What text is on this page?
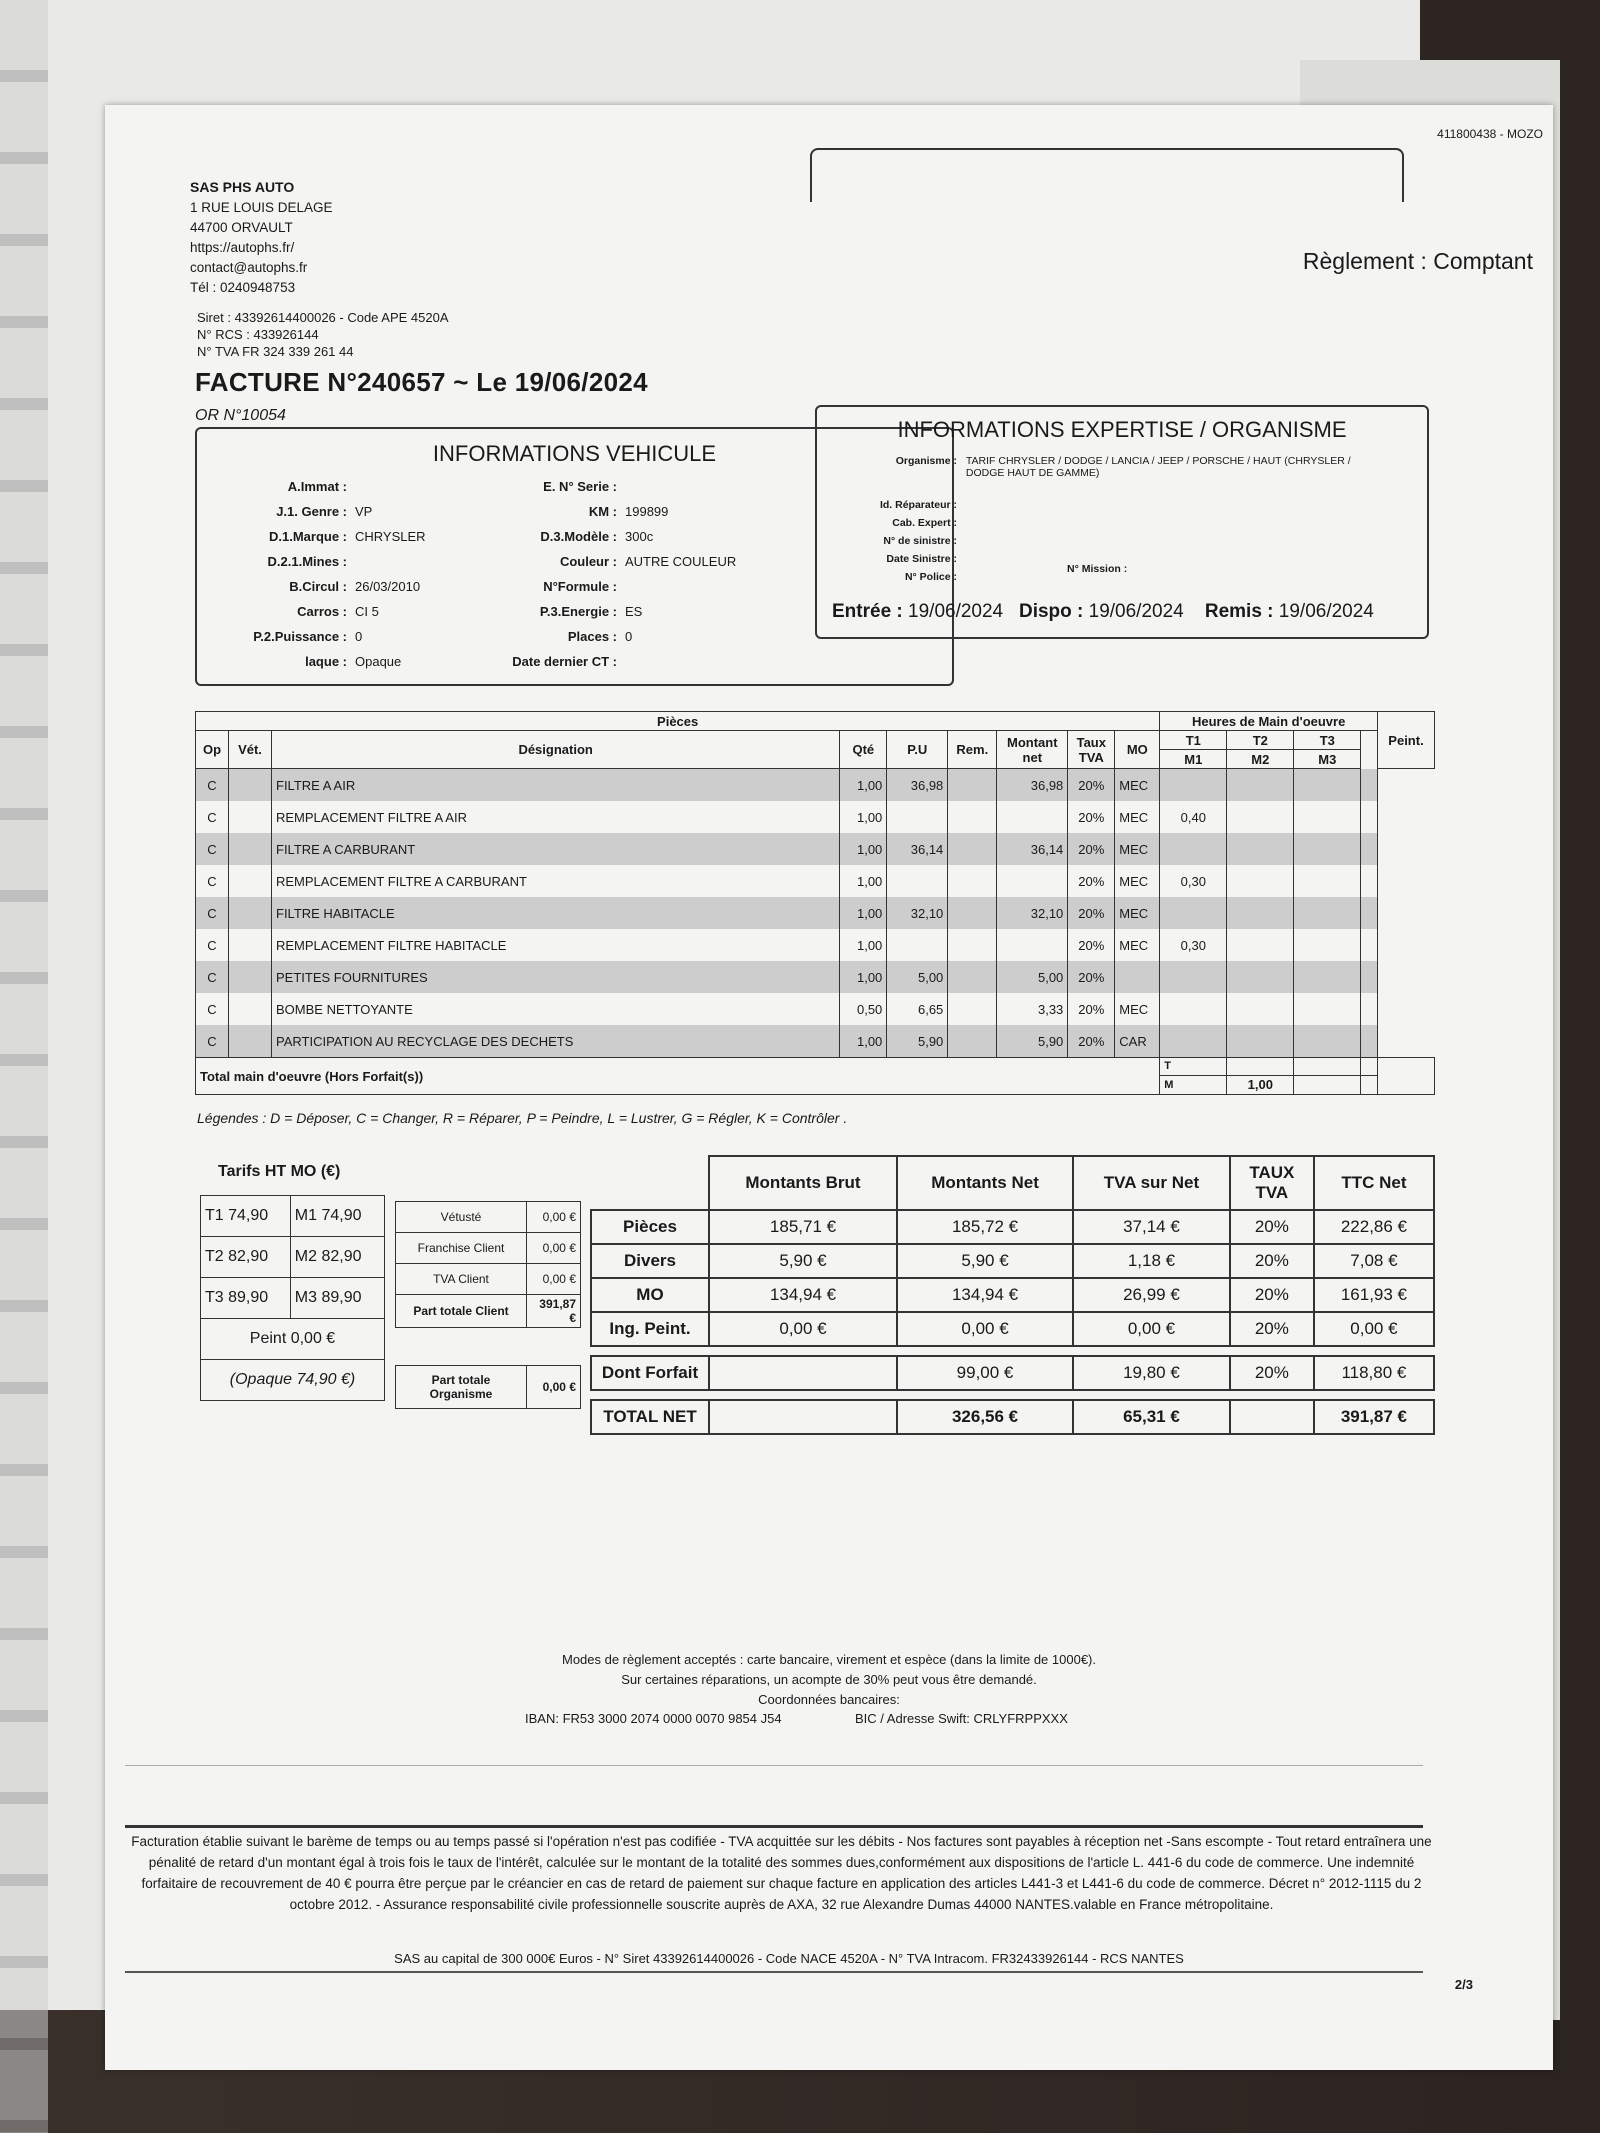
411800438 - MOZO
SAS PHS AUTO
1 RUE LOUIS DELAGE
44700 ORVAULT
https://autophs.fr/
contact@autophs.fr
Tél : 0240948753
Siret : 43392614400026 - Code APE 4520A
N° RCS : 433926144
N° TVA FR 324 339 261 44
Règlement : Comptant
FACTURE N°240657 ~ Le 19/06/2024
OR N°10054
INFORMATIONS VEHICULE
A.Immat :
J.1. Genre : VP
D.1.Marque : CHRYSLER
D.2.1.Mines :
B.Circul : 26/03/2010
Carros : CI 5
P.2.Puissance : 0
laque : Opaque
E. N° Serie :
KM : 199899
D.3.Modèle : 300c
Couleur : AUTRE COULEUR
N°Formule :
P.3.Energie : ES
Places : 0
Date dernier CT :
INFORMATIONS EXPERTISE / ORGANISME
Organisme : TARIF CHRYSLER / DODGE / LANCIA / JEEP / PORSCHE / HAUT (CHRYSLER / DODGE HAUT DE GAMME)
Id. Réparateur :
Cab. Expert :
N° de sinistre :
Date Sinistre :
N° Police :
N° Mission :
Entrée : 19/06/2024 Dispo : 19/06/2024 Remis : 19/06/2024
Pièces									Heures de Main d'oeuvre				Peint.
Op	Vét.	Désignation	Qté	P.U	Rem.	Montant net	Taux TVA	MO	T1	T2	T3		
									M1	M2	M3		
C		FILTRE A AIR	1,00	36,98		36,98	20%	MEC					
C		REMPLACEMENT FILTRE A AIR	1,00				20%	MEC	0,40				
C		FILTRE A CARBURANT	1,00	36,14		36,14	20%	MEC					
C		REMPLACEMENT FILTRE A CARBURANT	1,00				20%	MEC	0,30				
C		FILTRE HABITACLE	1,00	32,10		32,10	20%	MEC					
C		REMPLACEMENT FILTRE HABITACLE	1,00				20%	MEC	0,30				
C		PETITES FOURNITURES	1,00	5,00		5,00	20%						
C		BOMBE NETTOYANTE	0,50	6,65		3,33	20%	MEC					
C		PARTICIPATION AU RECYCLAGE DES DECHETS	1,00	5,90		5,90	20%	CAR					
Total main d'oeuvre (Hors Forfait(s))									T				
									M	1,00			
Légendes : D = Déposer, C = Changer, R = Réparer, P = Peindre, L = Lustrer, G = Régler, K = Contrôler .
Tarifs HT MO (€)
T1 74,90	M1 74,90
T2 82,90	M2 82,90
T3 89,90	M3 89,90
Peint 0,00 €	
(Opaque 74,90 €)	
Vétusté	0,00 €
Franchise Client	0,00 €
TVA Client	0,00 €
Part totale Client	391,87 €
Part totale Organisme	0,00 €
	Montants Brut	Montants Net	TVA sur Net	TAUX TVA	TTC Net
Pièces	185,71 €	185,72 €	37,14 €	20%	222,86 €
Divers	5,90 €	5,90 €	1,18 €	20%	7,08 €
MO	134,94 €	134,94 €	26,99 €	20%	161,93 €
Ing. Peint.	0,00 €	0,00 €	0,00 €	20%	0,00 €

Dont Forfait		99,00 €	19,80 €	20%	118,80 €

TOTAL NET		326,56 €	65,31 €		391,87 €
Modes de règlement acceptés : carte bancaire, virement et espèce (dans la limite de 1000€).
Sur certaines réparations, un acompte de 30% peut vous être demandé.
Coordonnées bancaires:
IBAN: FR53 3000 2074 0000 0070 9854 J54	BIC / Adresse Swift: CRLYFRPPXXX
Facturation établie suivant le barème de temps ou au temps passé si l'opération n'est pas codifiée - TVA acquittée sur les débits - Nos factures sont payables à réception net -Sans escompte - Tout retard entraînera une pénalité de retard d'un montant égal à trois fois le taux de l'intérêt, calculée sur le montant de la totalité des sommes dues,conformément aux dispositions de l'article L. 441-6 du code de commerce. Une indemnité forfaitaire de recouvrement de 40 € pourra être perçue par le créancier en cas de retard de paiement sur chaque facture en application des articles L441-3 et L441-6 du code de commerce. Décret n° 2012-1115 du 2 octobre 2012. - Assurance responsabilité civile professionnelle souscrite auprès de AXA, 32 rue Alexandre Dumas 44000 NANTES.valable en France métropolitaine.
SAS au capital de 300 000€ Euros - N° Siret 43392614400026 - Code NACE 4520A - N° TVA Intracom. FR32433926144 - RCS NANTES
2/3
